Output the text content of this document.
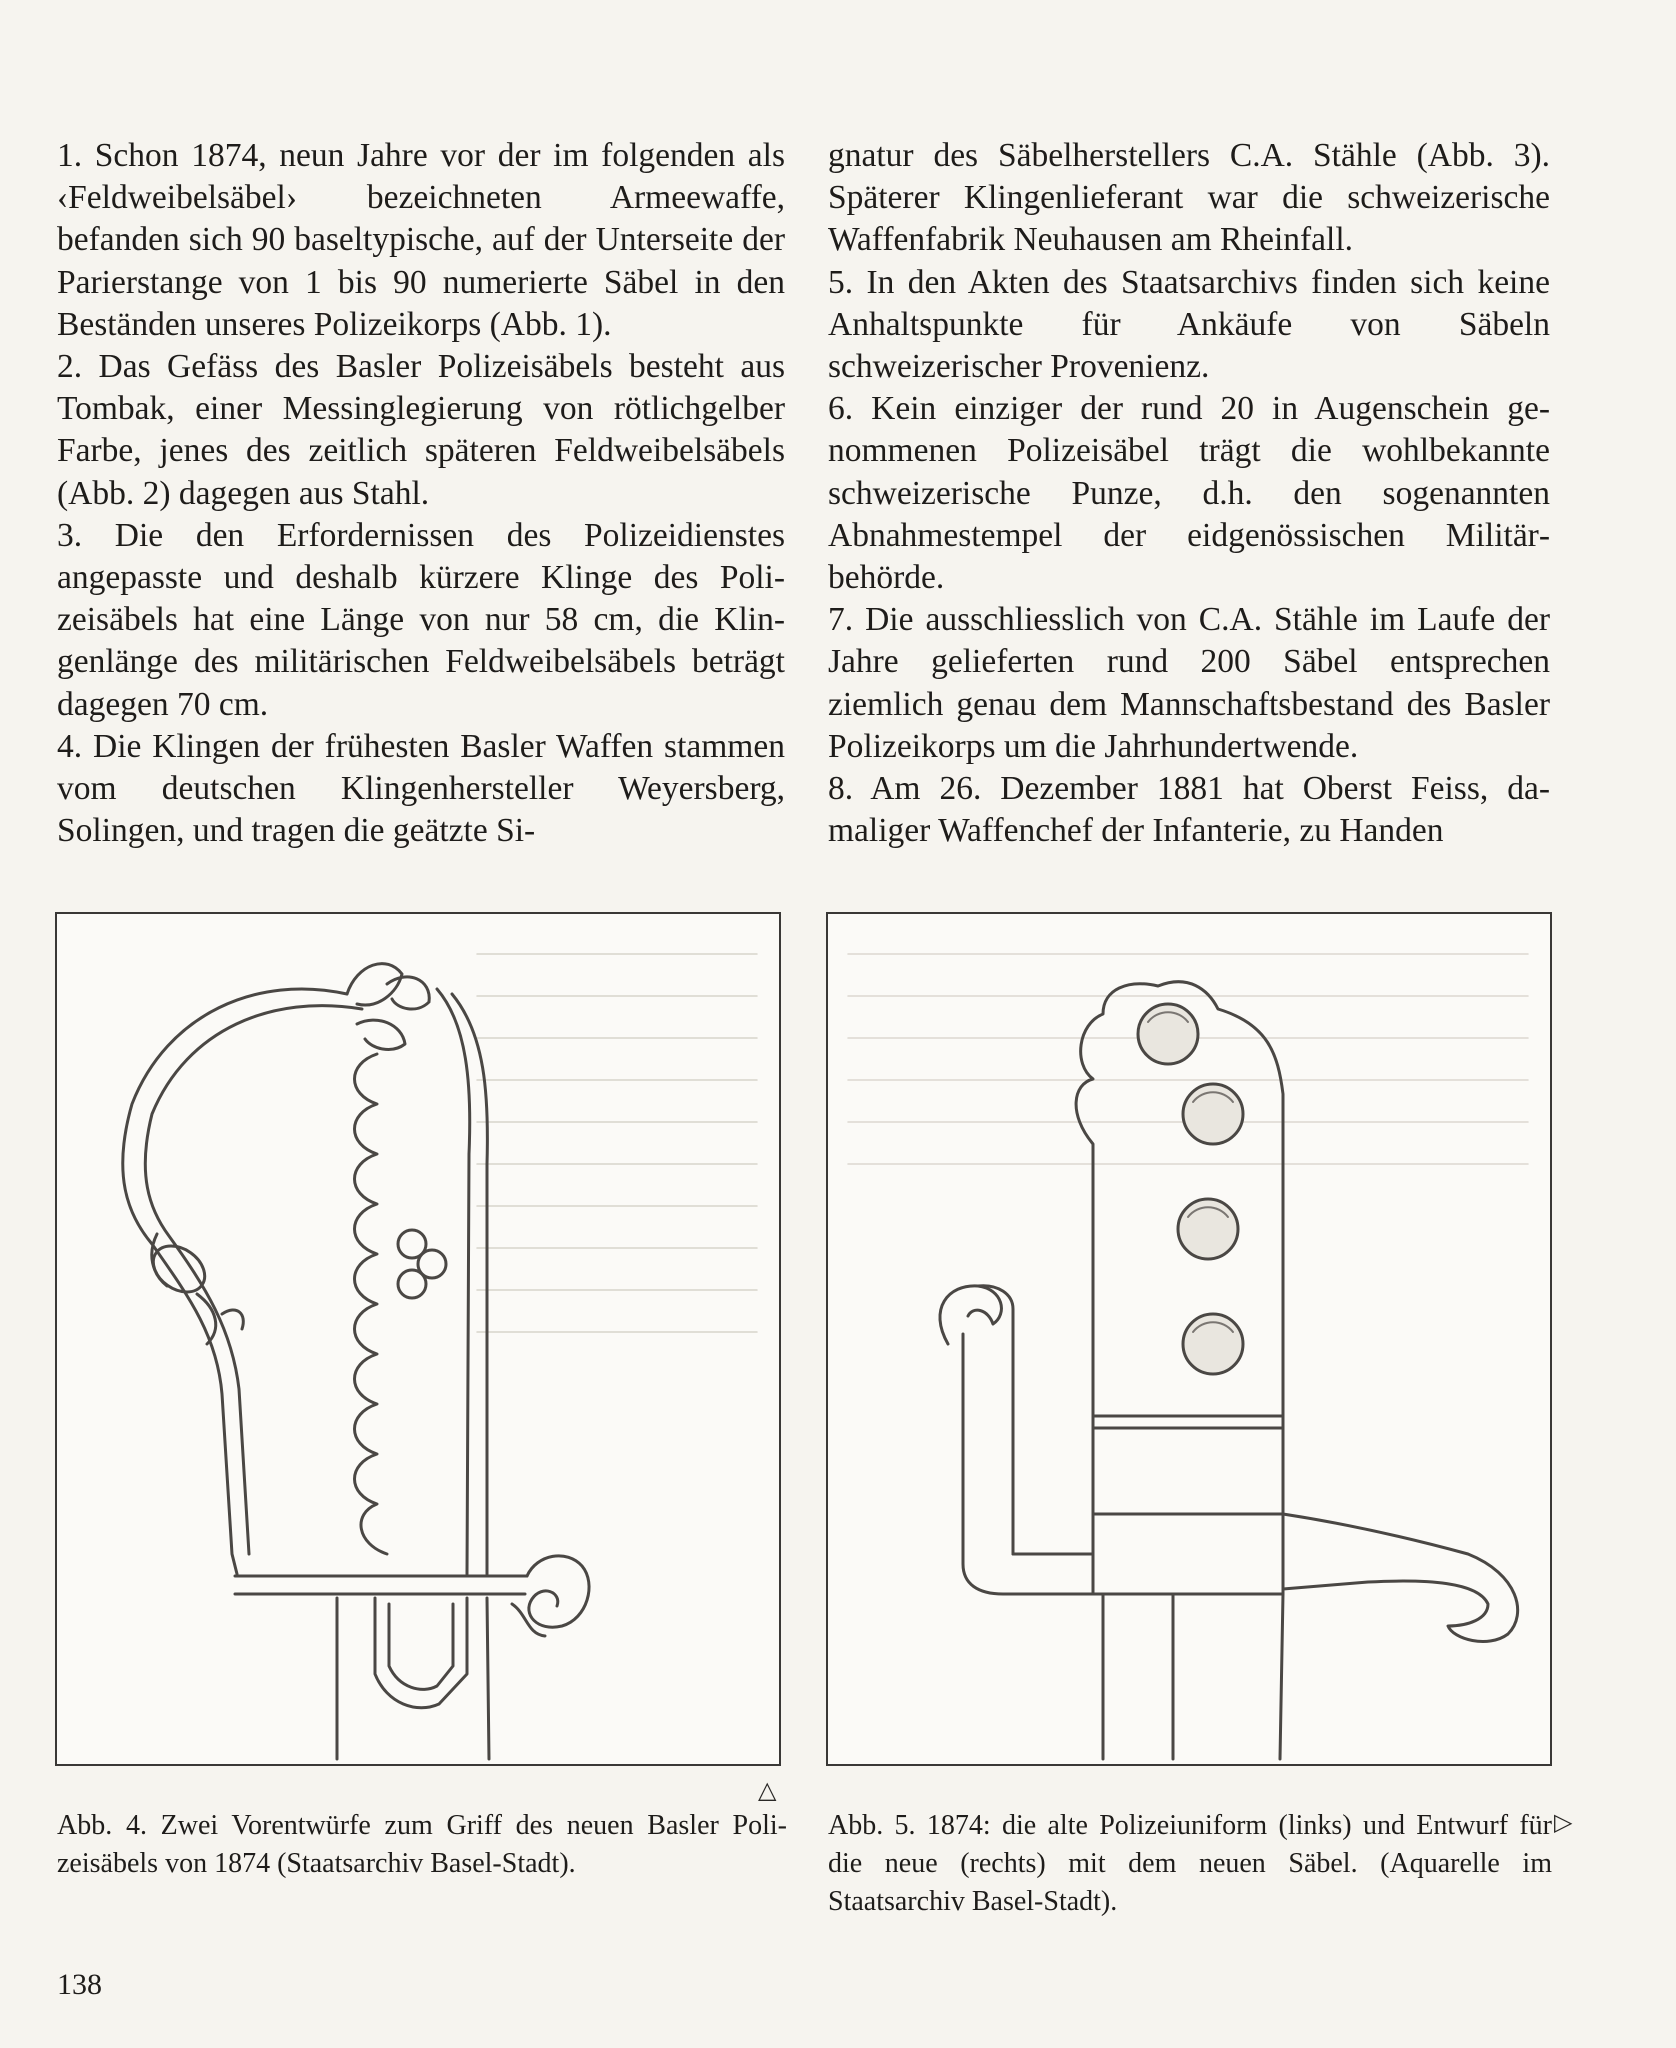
1. Schon 1874, neun Jahre vor der im folgenden als ‹Feldweibelsäbel› bezeichneten Armeewaffe, befanden sich 90 baseltypische, auf der Unterseite der Parierstange von 1 bis 90 numerierte Säbel in den Beständen unseres Polizeikorps (Abb. 1).

2. Das Gefäss des Basler Polizeisäbels besteht aus Tombak, einer Messinglegierung von rötlichgelber Farbe, jenes des zeitlich späteren Feldweibelsäbels (Abb. 2) dagegen aus Stahl.

3. Die den Erfordernissen des Polizeidienstes angepasste und deshalb kürzere Klinge des Polizeisäbels hat eine Länge von nur 58 cm, die Klingenlänge des militärischen Feldweibelsäbels beträgt dagegen 70 cm.

4. Die Klingen der frühesten Basler Waffen stammen vom deutschen Klingenhersteller Weyersberg, Solingen, und tragen die geätzte Si-

gnatur des Säbelherstellers C.A. Stähle (Abb. 3). Späterer Klingenlieferant war die schweizerische Waffenfabrik Neuhausen am Rheinfall.

5. In den Akten des Staatsarchivs finden sich keine Anhaltspunkte für Ankäufe von Säbeln schweizerischer Provenienz.

6. Kein einziger der rund 20 in Augenschein genommenen Polizeisäbel trägt die wohlbekannte schweizerische Punze, d.h. den sogenannten Abnahmestempel der eidgenössischen Militärbehörde.

7. Die ausschliesslich von C.A. Stähle im Laufe der Jahre gelieferten rund 200 Säbel entsprechen ziemlich genau dem Mannschaftsbestand des Basler Polizeikorps um die Jahrhundertwende.

8. Am 26. Dezember 1881 hat Oberst Feiss, damaliger Waffenchef der Infanterie, zu Handen

△

Abb. 4. Zwei Vorentwürfe zum Griff des neuen Basler Polizeisäbels von 1874 (Staatsarchiv Basel-Stadt).

Abb. 5. 1874: die alte Polizeiuniform (links) und Entwurf für die neue (rechts) mit dem neuen Säbel. (Aquarelle im Staatsarchiv Basel-Stadt).

▷
138
